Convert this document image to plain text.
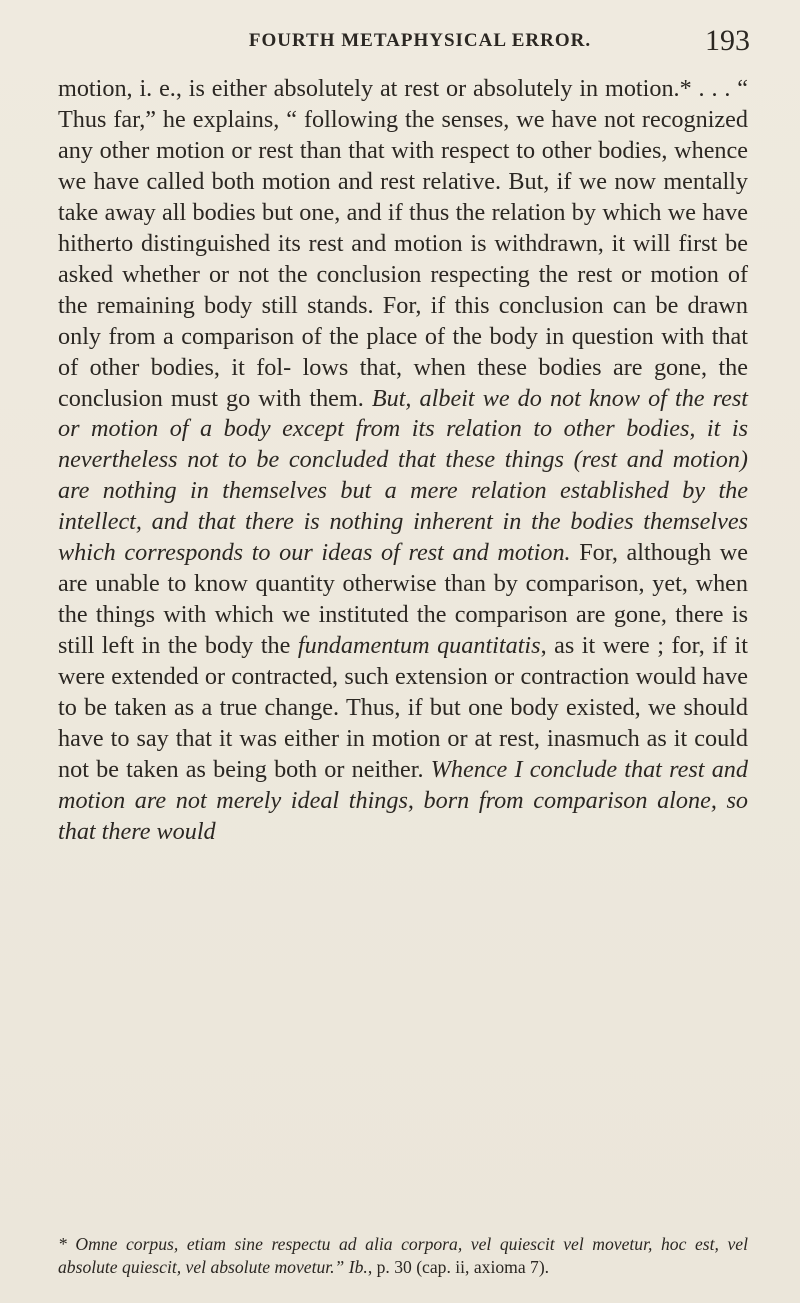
FOURTH METAPHYSICAL ERROR.	193

motion, i. e., is either absolutely at rest or absolutely in motion.* . . . “ Thus far,” he explains, “ following the senses, we have not recognized any other motion or rest than that with respect to other bodies, whence we have called both motion and rest relative. But, if we now mentally take away all bodies but one, and if thus the relation by which we have hitherto distinguished its rest and motion is withdrawn, it will first be asked whether or not the conclusion respecting the rest or motion of the remaining body still stands. For, if this conclusion can be drawn only from a comparison of the place of the body in question with that of other bodies, it fol- lows that, when these bodies are gone, the conclusion must go with them. But, albeit we do not know of the rest or motion of a body except from its relation to other bodies, it is nevertheless not to be concluded that these things (rest and motion) are nothing in themselves but a mere relation established by the intellect, and that there is nothing inherent in the bodies themselves which corresponds to our ideas of rest and motion. For, although we are unable to know quantity otherwise than by comparison, yet, when the things with which we instituted the comparison are gone, there is still left in the body the fundamentum quantitatis, as it were ; for, if it were extended or contracted, such extension or contraction would have to be taken as a true change. Thus, if but one body existed, we should have to say that it was either in motion or at rest, inasmuch as it could not be taken as being both or neither. Whence I conclude that rest and motion are not merely ideal things, born from comparison alone, so that there would

* Omne corpus, etiam sine respectu ad alia corpora, vel quiescit vel movetur, hoc est, vel absolute quiescit, vel absolute movetur.” Ib., p. 30 (cap. ii, axioma 7).
